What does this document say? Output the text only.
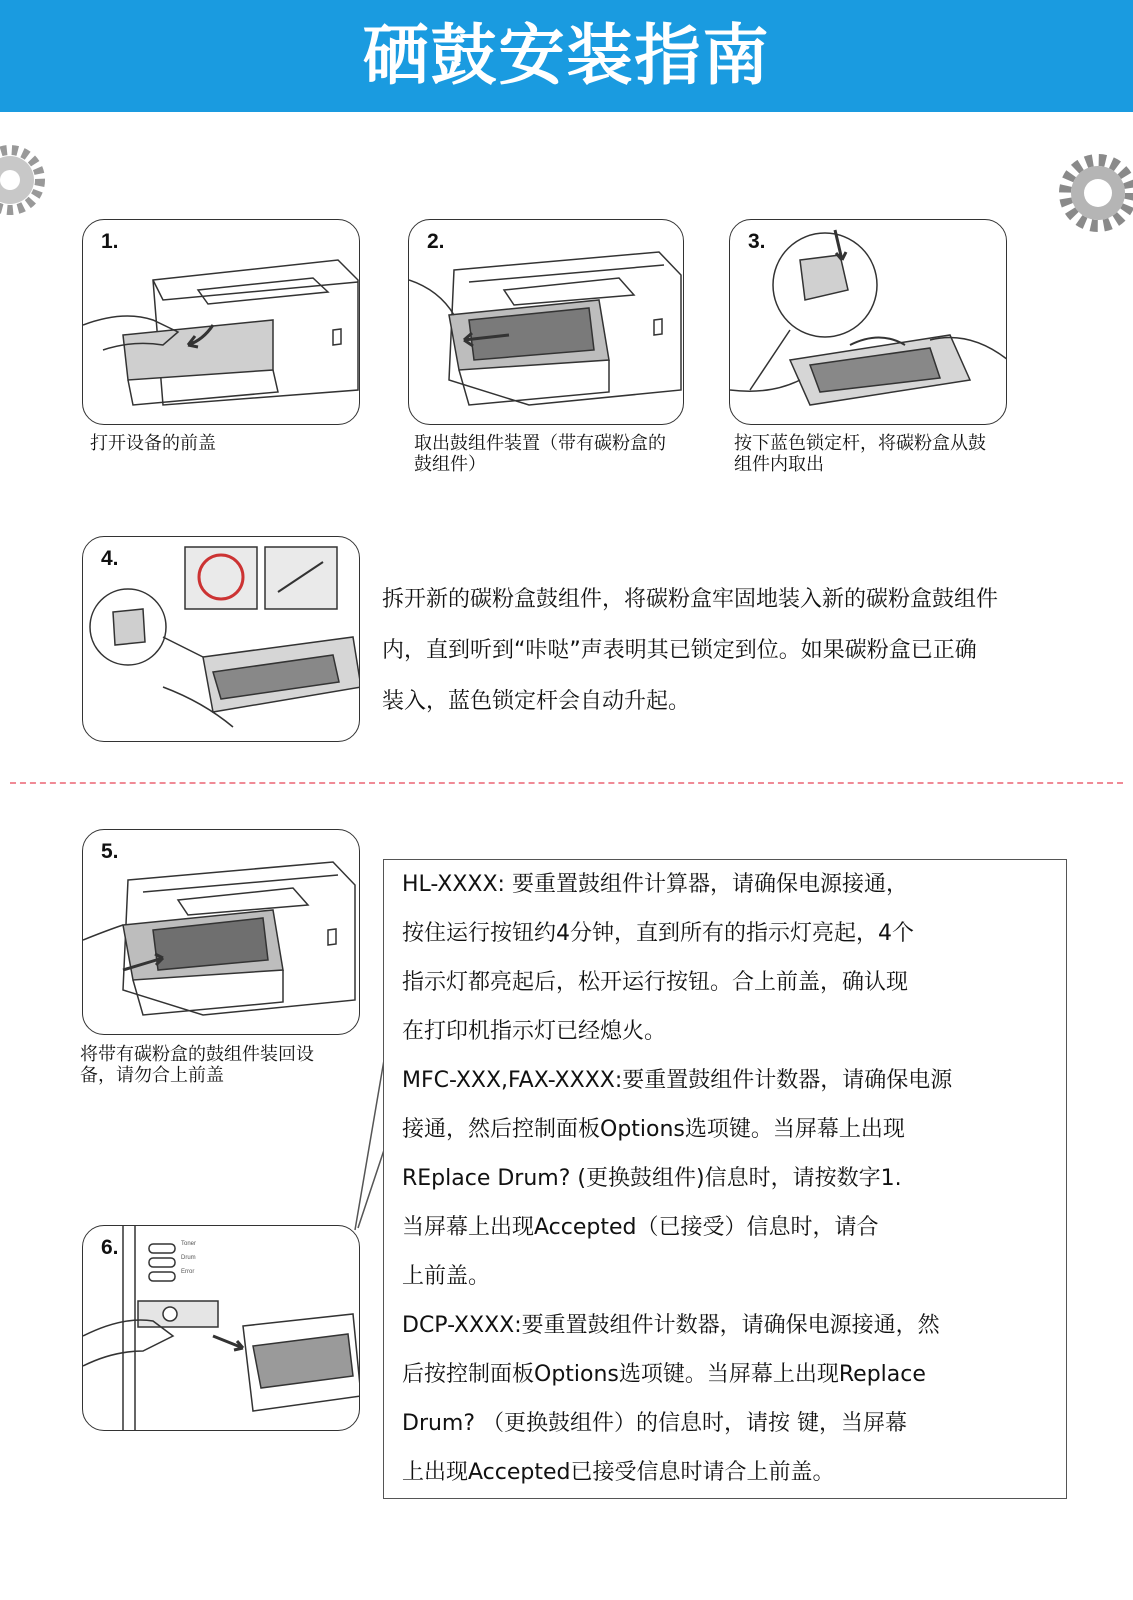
硒鼓安装指南
1.
打开设备的前盖
2.
取出鼓组件装置（带有碳粉盒的
鼓组件）
3.
按下蓝色锁定杆，将碳粉盒从鼓
组件内取出
4.
拆开新的碳粉盒鼓组件，将碳粉盒牢固地装入新的碳粉盒鼓组件
内，直到听到“咔哒”声表明其已锁定到位。如果碳粉盒已正确
装入，蓝色锁定杆会自动升起。
5.
将带有碳粉盒的鼓组件装回设
备，请勿合上前盖
6.	Toner
Drum
Error
HL-XXXX: 要重置鼓组件计算器，请确保电源接通，
按住运行按钮约4分钟，直到所有的指示灯亮起，4个
指示灯都亮起后，松开运行按钮。合上前盖，确认现
在打印机指示灯已经熄火。
MFC-XXX,FAX-XXXX:要重置鼓组件计数器，请确保电源
接通，然后控制面板Options选项键。当屏幕上出现
REplace Drum? (更换鼓组件)信息时，请按数字1.
当屏幕上出现Accepted（已接受）信息时，请合
上前盖。
DCP-XXXX:要重置鼓组件计数器，请确保电源接通，然
后按控制面板Options选项键。当屏幕上出现Replace
Drum? （更换鼓组件）的信息时，请按 键，当屏幕
上出现Accepted已接受信息时请合上前盖。
